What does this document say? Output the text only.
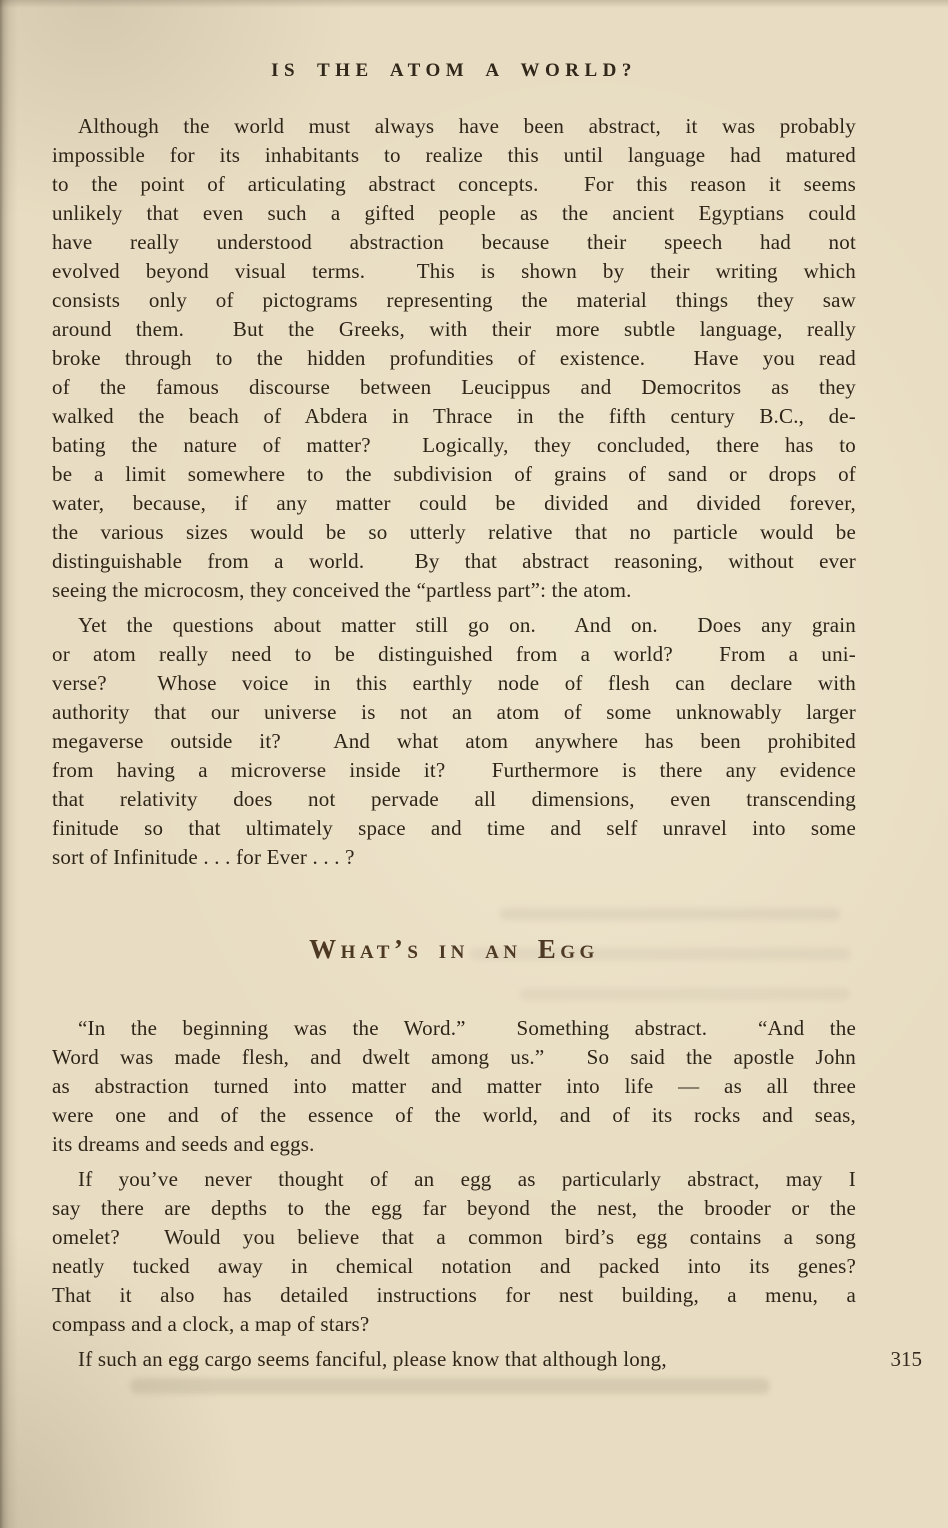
IS THE ATOM A WORLD?
Although the world must always have been abstract, it was probably
impossible for its inhabitants to realize this until language had matured
to the point of articulating abstract concepts.  For this reason it seems
unlikely that even such a gifted people as the ancient Egyptians could
have really understood abstraction because their speech had not
evolved beyond visual terms.  This is shown by their writing which
consists only of pictograms representing the material things they saw
around them.  But the Greeks, with their more subtle language, really
broke through to the hidden profundities of existence.  Have you read
of the famous discourse between Leucippus and Democritos as they
walked the beach of Abdera in Thrace in the fifth century B.C., de-
bating the nature of matter?  Logically, they concluded, there has to
be a limit somewhere to the subdivision of grains of sand or drops of
water, because, if any matter could be divided and divided forever,
the various sizes would be so utterly relative that no particle would be
distinguishable from a world.  By that abstract reasoning, without ever
seeing the microcosm, they conceived the “partless part”: the atom.
Yet the questions about matter still go on.  And on.  Does any grain
or atom really need to be distinguished from a world?  From a uni-
verse?  Whose voice in this earthly node of flesh can declare with
authority that our universe is not an atom of some unknowably larger
megaverse outside it?  And what atom anywhere has been prohibited
from having a microverse inside it?  Furthermore is there any evidence
that relativity does not pervade all dimensions, even transcending
finitude so that ultimately space and time and self unravel into some
sort of Infinitude . . . for Ever . . . ?
What’s in an Egg
“In the beginning was the Word.”  Something abstract.  “And the
Word was made flesh, and dwelt among us.”  So said the apostle John
as abstraction turned into matter and matter into life — as all three
were one and of the essence of the world, and of its rocks and seas,
its dreams and seeds and eggs.
If you’ve never thought of an egg as particularly abstract, may I
say there are depths to the egg far beyond the nest, the brooder or the
omelet?  Would you believe that a common bird’s egg contains a song
neatly tucked away in chemical notation and packed into its genes?
That it also has detailed instructions for nest building, a menu, a
compass and a clock, a map of stars?
If such an egg cargo seems fanciful, please know that although long,	315
